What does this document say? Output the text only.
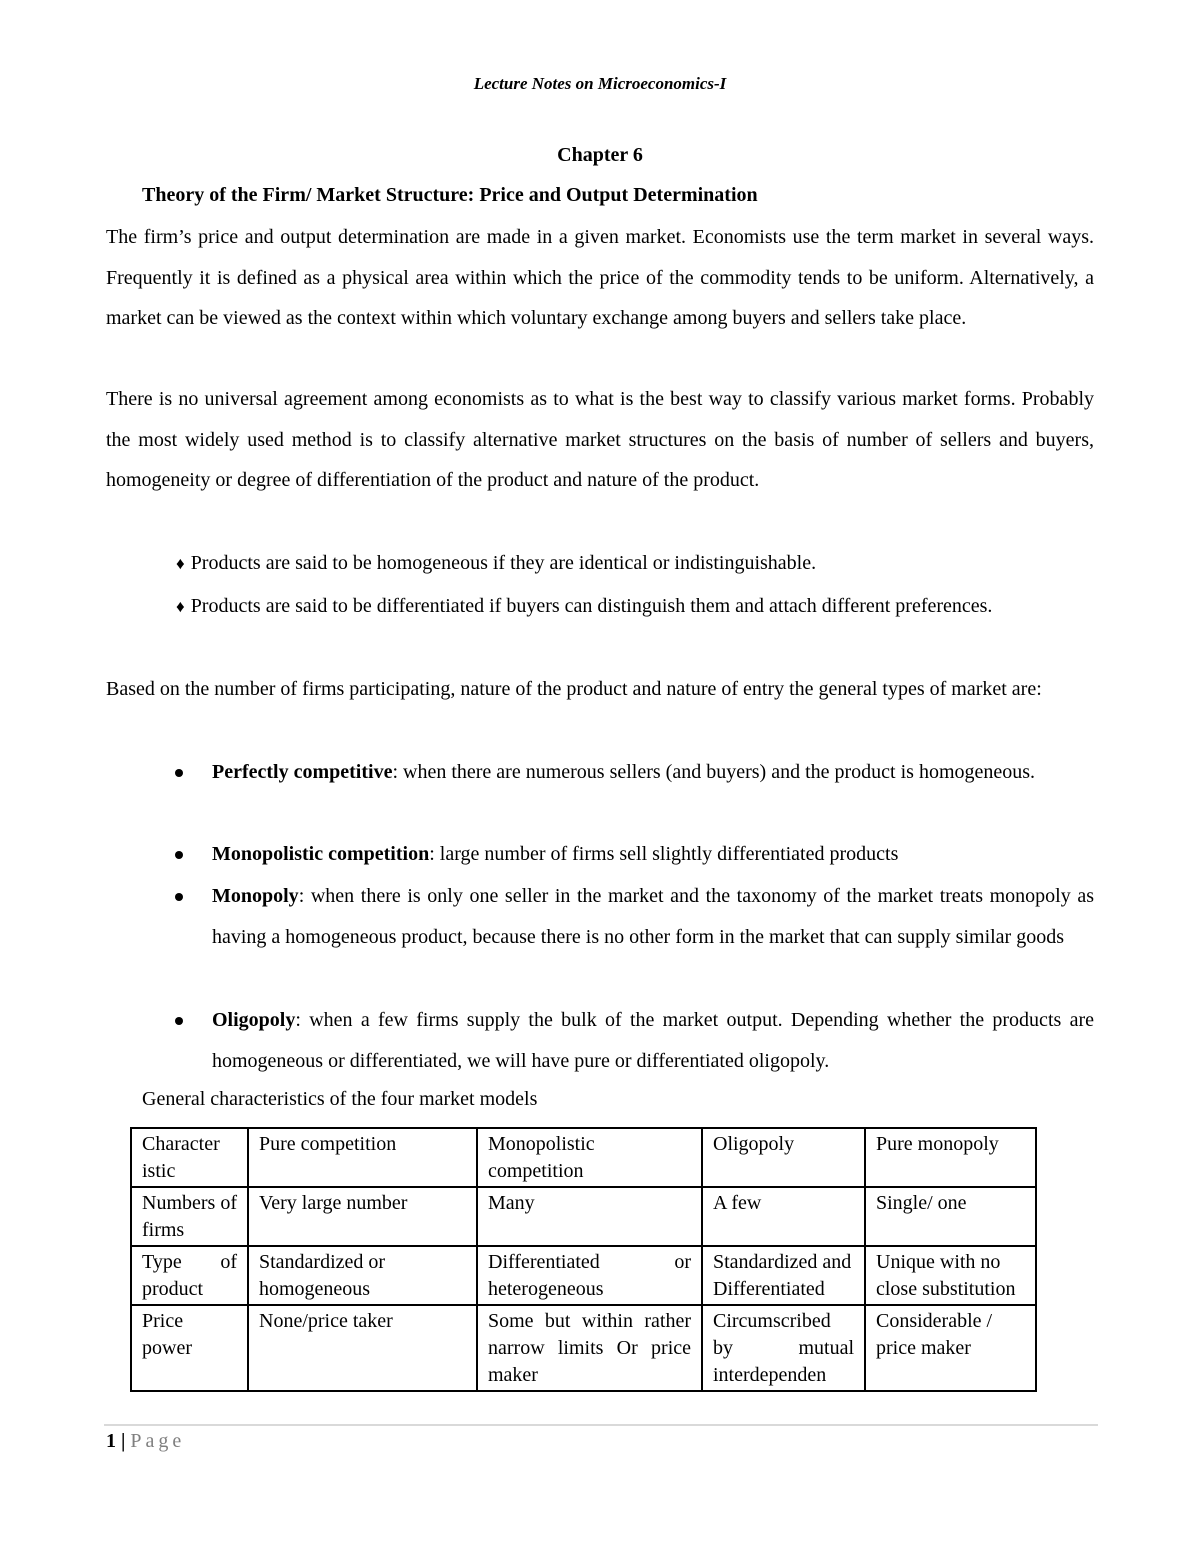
Lecture Notes on Microeconomics-I
Chapter 6
Theory of the Firm/ Market Structure: Price and Output Determination

The firm’s price and output determination are made in a given market. Economists use the term market in several ways. Frequently it is defined as a physical area within which the price of the commodity tends to be uniform. Alternatively, a market can be viewed as the context within which voluntary exchange among buyers and sellers take place.

There is no universal agreement among economists as to what is the best way to classify various market forms. Probably the most widely used method is to classify alternative market structures on the basis of number of sellers and buyers, homogeneity or degree of differentiation of the product and nature of the product.

♦ Products are said to be homogeneous if they are identical or indistinguishable.

♦ Products are said to be differentiated if buyers can distinguish them and attach different preferences.

Based on the number of firms participating, nature of the product and nature of entry the general types of market are:

Perfectly competitive: when there are numerous sellers (and buyers) and the product is homogeneous.

Monopolistic competition: large number of firms sell slightly differentiated products

Monopoly: when there is only one seller in the market and the taxonomy of the market treats monopoly as having a homogeneous product, because there is no other form in the market that can supply similar goods

Oligopoly: when a few firms supply the bulk of the market output. Depending whether the products are homogeneous or differentiated, we will have pure or differentiated oligopoly.

General characteristics of the four market models
Character istic	Pure competition	Monopolistic competition	Oligopoly	Pure monopoly
Numbers of firms	Very large number	Many	A few	Single/ one
Type of product	Standardized or homogeneous	Differentiated or heterogeneous	Standardized and Differentiated	Unique with no close substitution
Price power	None/price taker	Some but within rather narrow limits Or price maker	Circumscribed by mutual interdependen	Considerable / price maker
1 | Page
